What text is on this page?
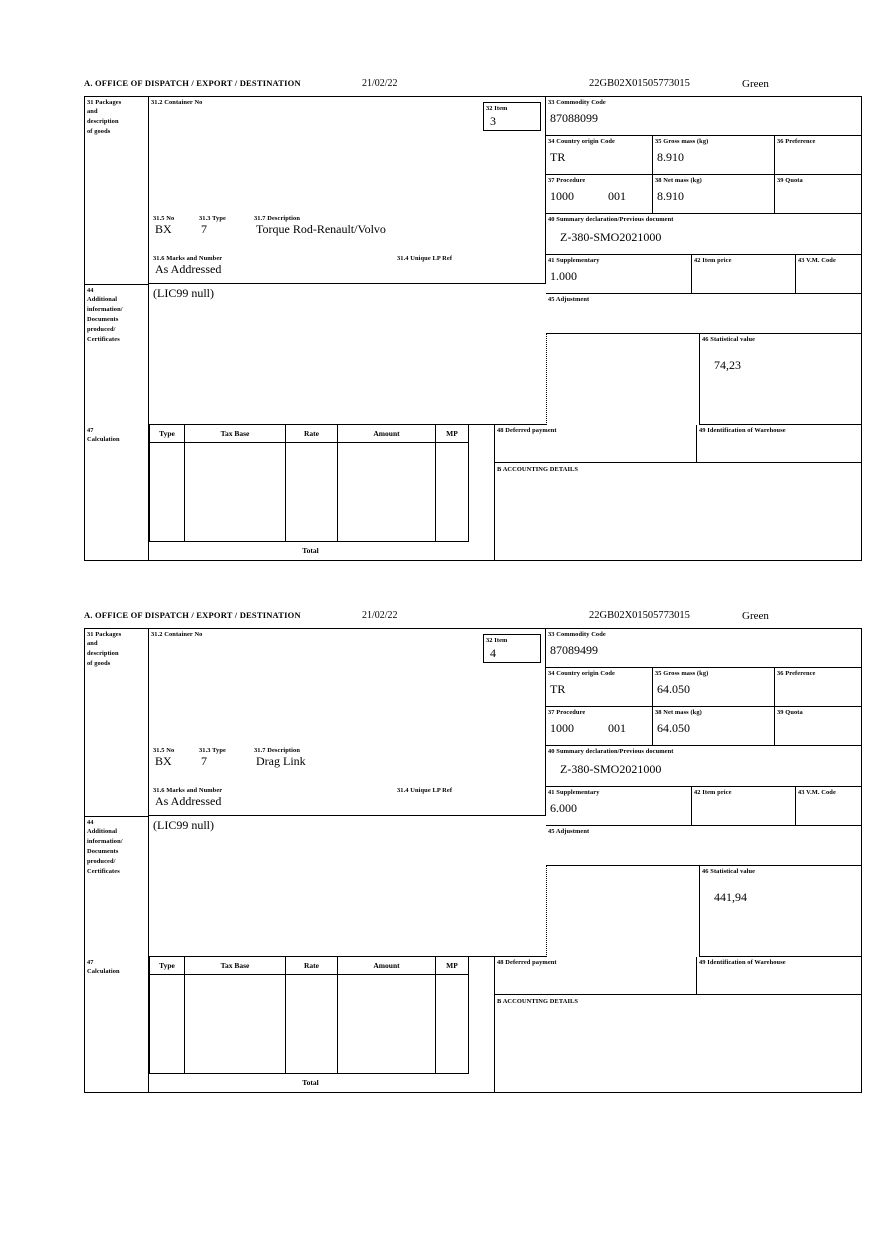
A. OFFICE OF DISPATCH / EXPORT / DESTINATION	21/02/22	22GB02X01505773015	Green
31 Packages
and
description
of goods
31.2 Container No
31.5 No	31.3 Type	31.7 Description
BX	7	Torque Rod-Renault/Volvo
31.6 Marks and Number	31.4 Unique LP Ref
As Addressed
32 Item
3
33 Commodity Code
87088099
34 Country origin Code
TR
35 Gross mass (kg)
8.910
36 Preference
37 Procedure
1000	001
38 Net mass (kg)
8.910
39 Quota
40 Summary declaration/Previous document
Z-380-SMO2021000
41 Supplementary
1.000
42 Item price	43 V.M. Code
45 Adjustment
44
Additional
information/
Documents
produced/
Certificates
(LIC99 null)
46 Statistical value
74,23
47
Calculation
Type	Tax Base	Rate	Amount	MP
Total
48 Deferred payment	49 Identification of Warehouse
B ACCOUNTING DETAILS
A. OFFICE OF DISPATCH / EXPORT / DESTINATION	21/02/22	22GB02X01505773015	Green
31 Packages
and
description
of goods
31.2 Container No
31.5 No	31.3 Type	31.7 Description
BX	7	Drag Link
31.6 Marks and Number	31.4 Unique LP Ref
As Addressed
32 Item
4
33 Commodity Code
87089499
34 Country origin Code
TR
35 Gross mass (kg)
64.050
36 Preference
37 Procedure
1000	001
38 Net mass (kg)
64.050
39 Quota
40 Summary declaration/Previous document
Z-380-SMO2021000
41 Supplementary
6.000
42 Item price	43 V.M. Code
45 Adjustment
44
Additional
information/
Documents
produced/
Certificates
(LIC99 null)
46 Statistical value
441,94
47
Calculation
Type	Tax Base	Rate	Amount	MP
Total
48 Deferred payment	49 Identification of Warehouse
B ACCOUNTING DETAILS
